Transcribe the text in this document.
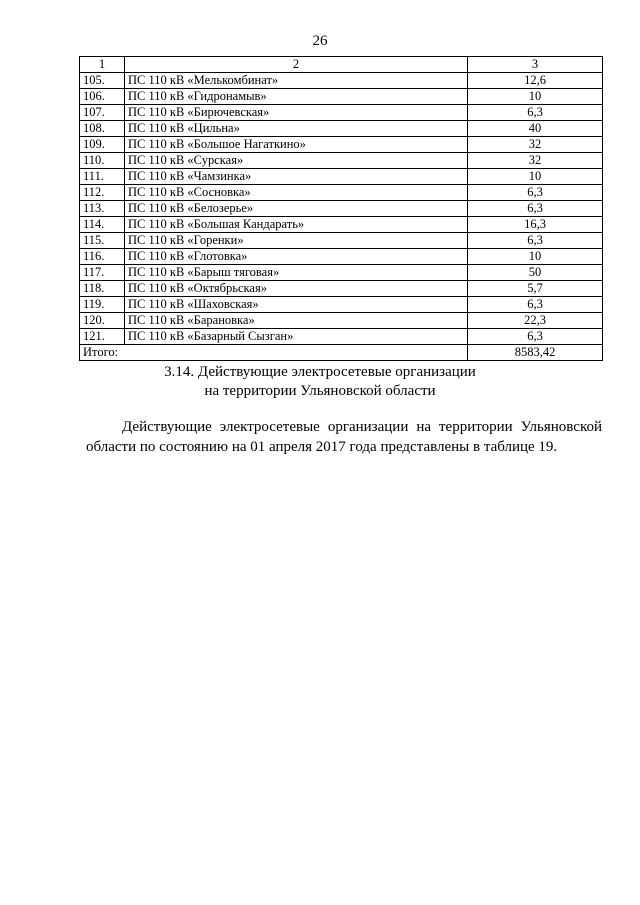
26
1	2	3
105.	ПС 110 кВ «Мелькомбинат»	12,6
106.	ПС 110 кВ «Гидронамыв»	10
107.	ПС 110 кВ «Бирючевская»	6,3
108.	ПС 110 кВ «Цильна»	40
109.	ПС 110 кВ «Большое Нагаткино»	32
110.	ПС 110 кВ «Сурская»	32
111.	ПС 110 кВ «Чамзинка»	10
112.	ПС 110 кВ «Сосновка»	6,3
113.	ПС 110 кВ «Белозерье»	6,3
114.	ПС 110 кВ «Большая Кандарать»	16,3
115.	ПС 110 кВ «Горенки»	6,3
116.	ПС 110 кВ «Глотовка»	10
117.	ПС 110 кВ «Барыш тяговая»	50
118.	ПС 110 кВ «Октябрьская»	5,7
119.	ПС 110 кВ «Шаховская»	6,3
120.	ПС 110 кВ «Барановка»	22,3
121.	ПС 110 кВ «Базарный Сызган»	6,3
Итого:		8583,42
3.14. Действующие электросетевые организации
на территории Ульяновской области
Действующие электросетевые организации на территории Ульяновской области по состоянию на 01 апреля 2017 года представлены в таблице 19.
